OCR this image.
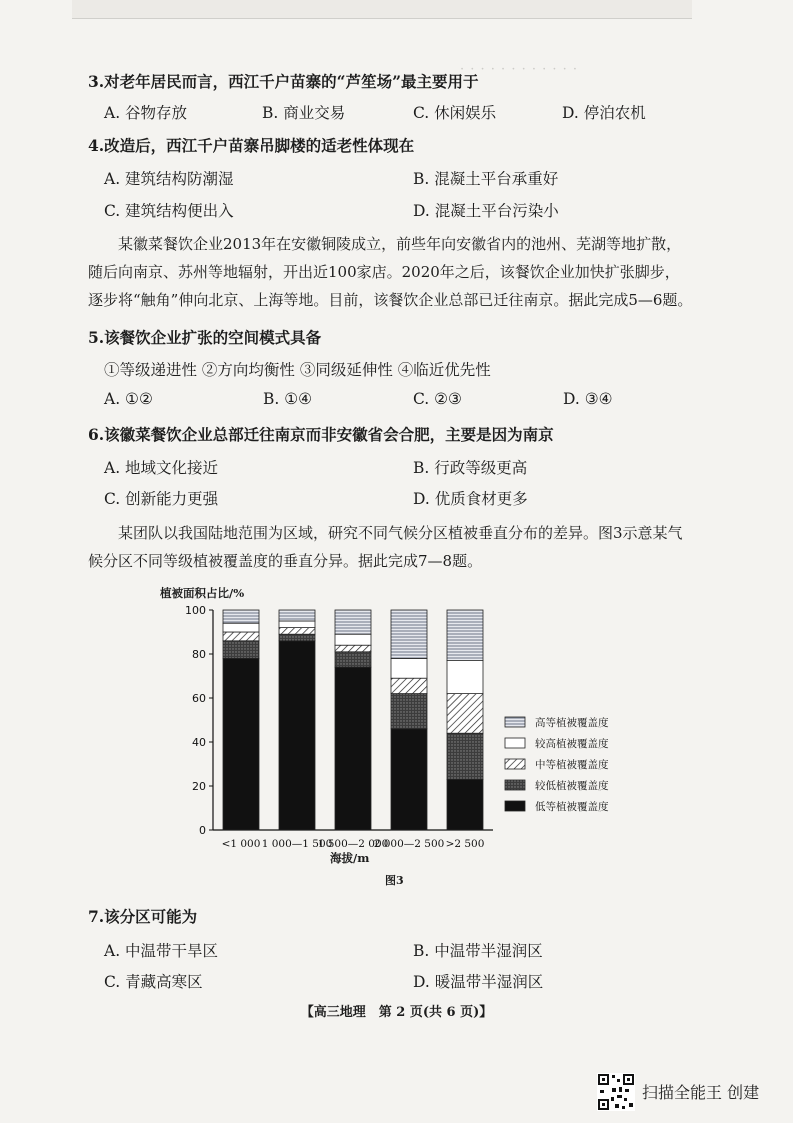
· · · · · · · · · · · ·
3.对老年居民而言，西江千户苗寨的“芦笙场”最主要用于
A. 谷物存放	B. 商业交易	C. 休闲娱乐	D. 停泊农机
4.改造后，西江千户苗寨吊脚楼的适老性体现在
A. 建筑结构防潮湿	B. 混凝土平台承重好
C. 建筑结构便出入	D. 混凝土平台污染小
某徽菜餐饮企业2013年在安徽铜陵成立，前些年向安徽省内的池州、芜湖等地扩散，随后向南京、苏州等地辐射，开出近100家店。2020年之后，该餐饮企业加快扩张脚步，逐步将“触角”伸向北京、上海等地。目前，该餐饮企业总部已迁往南京。据此完成5—6题。
5.该餐饮企业扩张的空间模式具备
①等级递进性 ②方向均衡性 ③同级延伸性 ④临近优先性
A. ①②	B. ①④	C. ②③	D. ③④
6.该徽菜餐饮企业总部迁往南京而非安徽省会合肥，主要是因为南京
A. 地域文化接近	B. 行政等级更高
C. 创新能力更强	D. 优质食材更多
某团队以我国陆地范围为区域，研究不同气候分区植被垂直分布的差异。图3示意某气候分区不同等级植被覆盖度的垂直分异。据此完成7—8题。
植被面积占比/%
0
20
40
60
80
100
<1 000 1 000—1 500
1 500—2 000
2 000—2 500 >2 500
高等植被覆盖度
较高植被覆盖度
中等植被覆盖度
较低植被覆盖度
低等植被覆盖度
海拔/m
图3
7.该分区可能为
A. 中温带干旱区	B. 中温带半湿润区
C. 青藏高寒区	D. 暖温带半湿润区
【高三地理　第 2 页(共 6 页)】
扫描全能王 创建
